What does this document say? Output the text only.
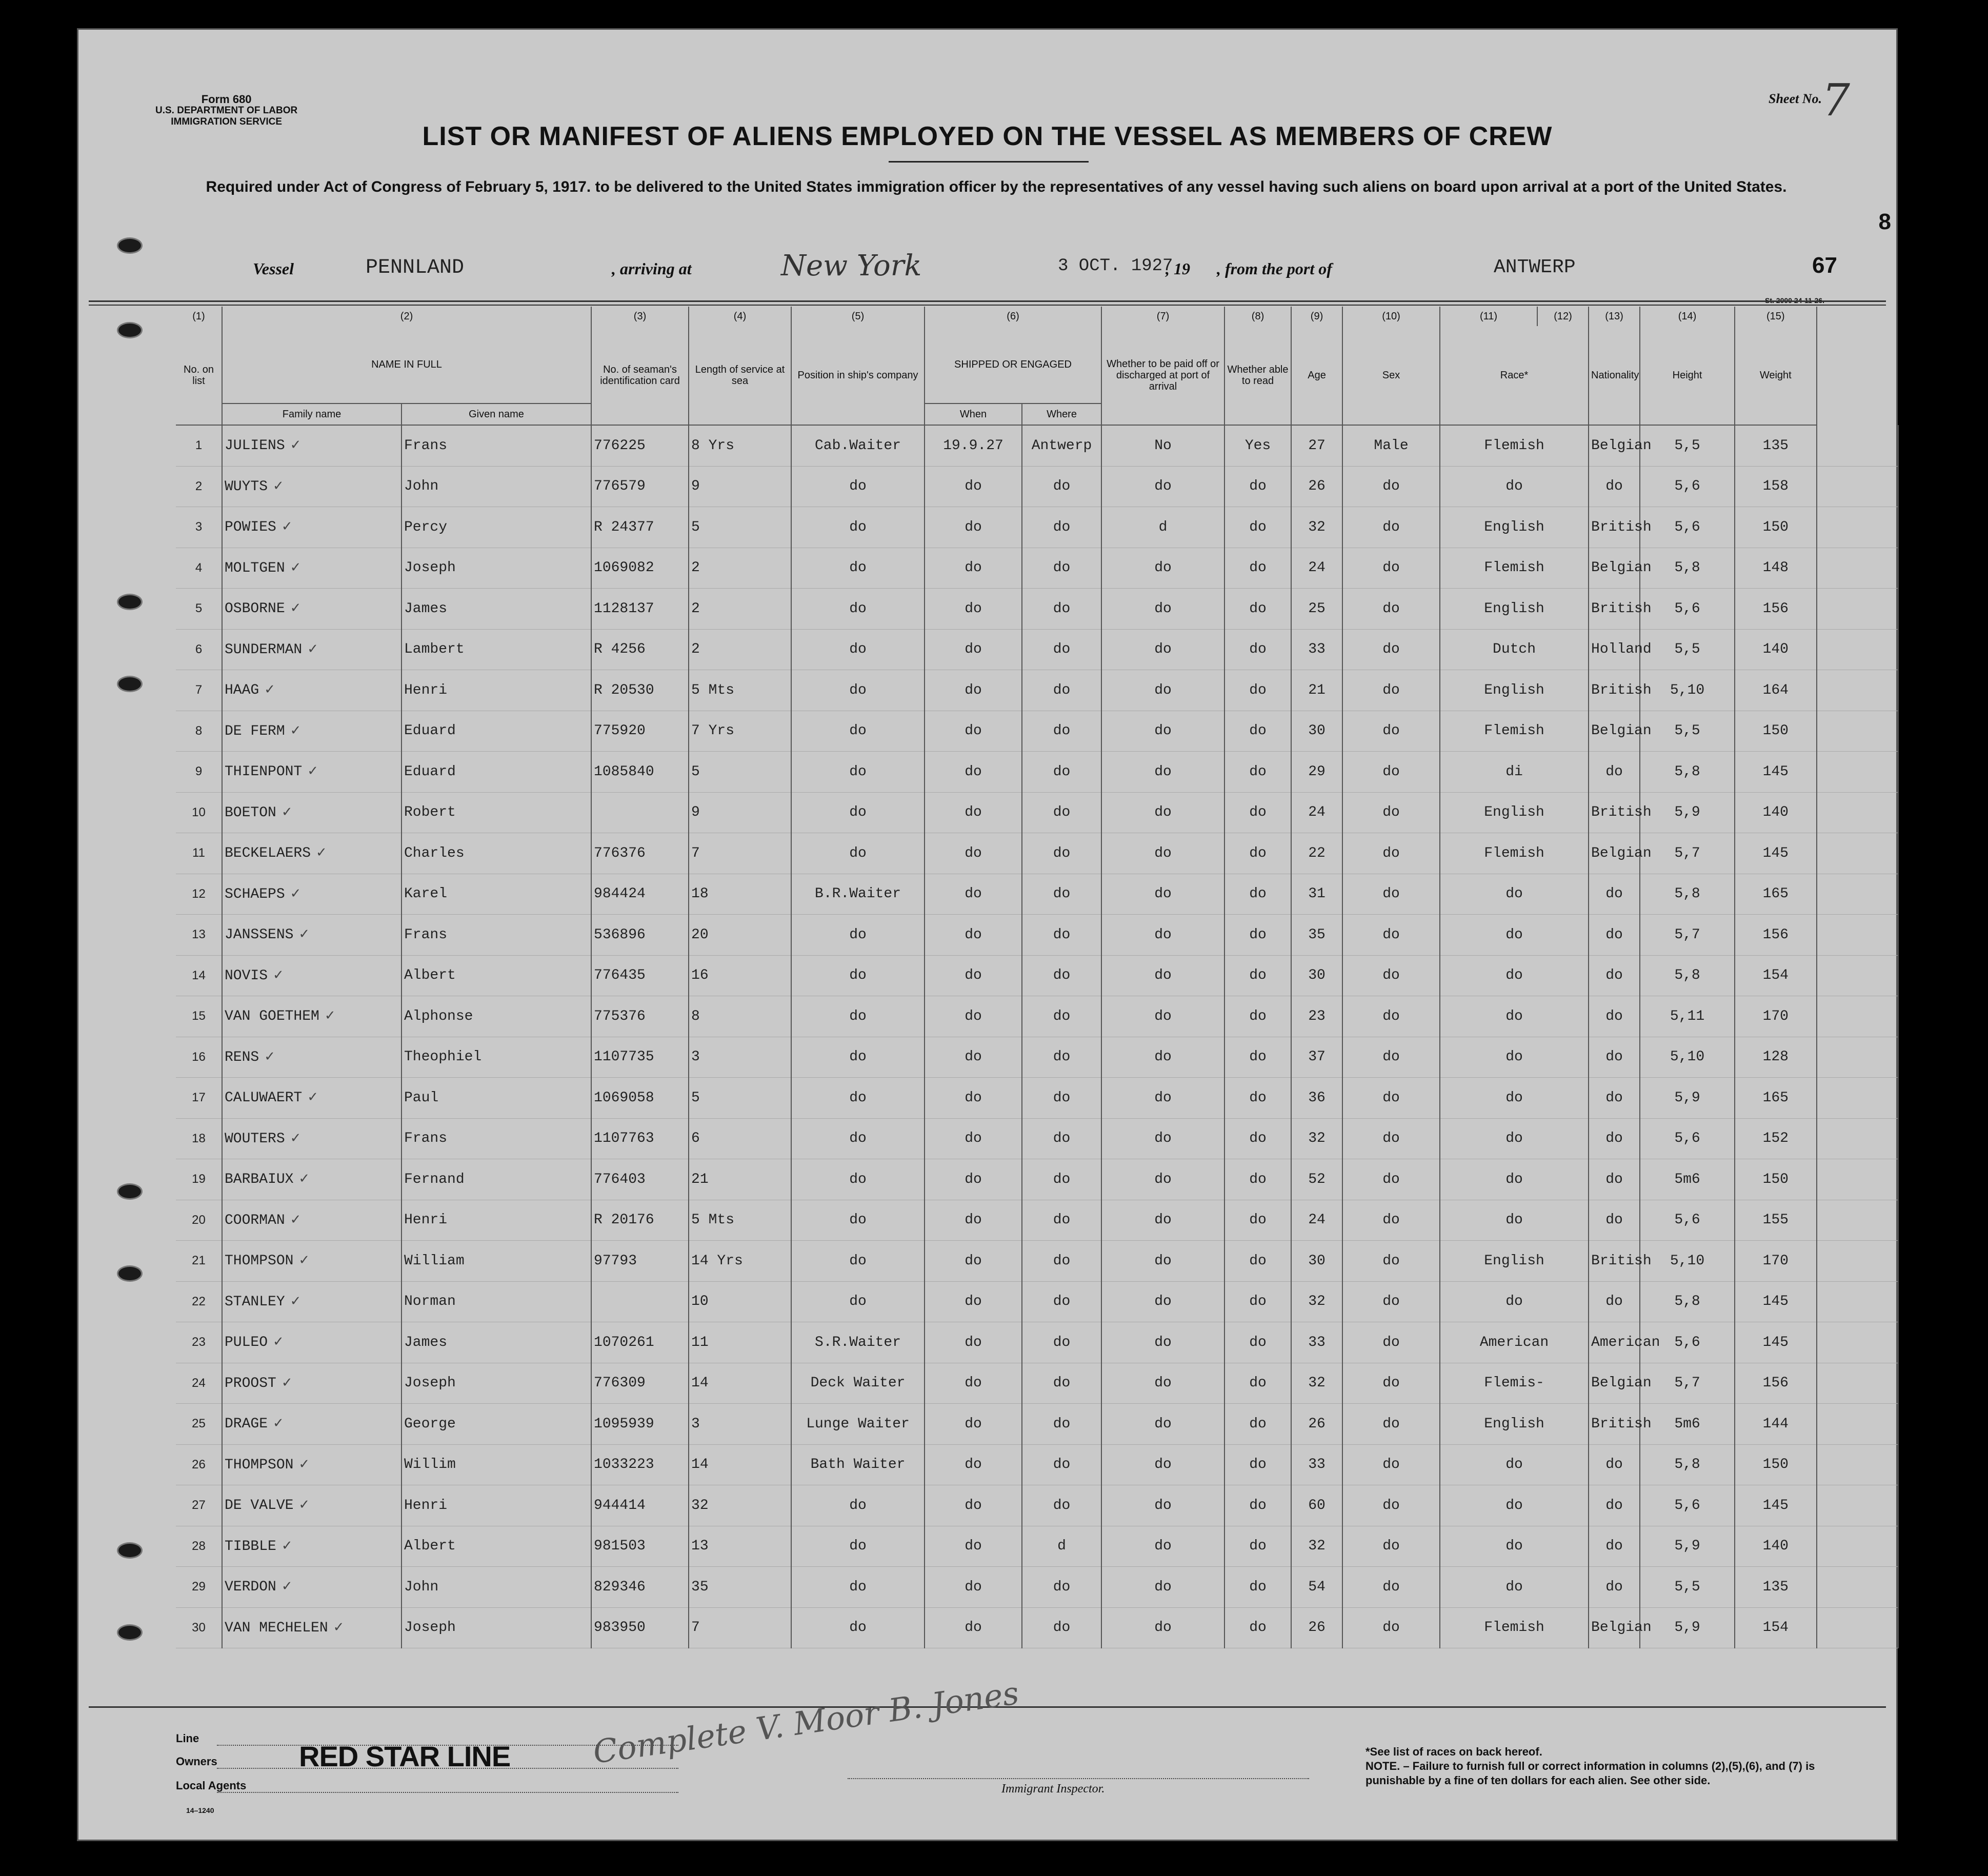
Form 680
U.S. DEPARTMENT OF LABOR
IMMIGRATION SERVICE
Sheet No. 7
LIST OR MANIFEST OF ALIENS EMPLOYED ON THE VESSEL AS MEMBERS OF CREW
Required under Act of Congress of February 5, 1917. to be delivered to the United States immigration officer by the representatives of any vessel having such aliens on board upon arrival at a port of the United States.
8
Vessel	PENNLAND	, arriving at	New York	3 OCT. 1927
, 19 , from the port of	ANTWERP	67
St. 2000 24-11-26.
(1)	(2)		(3)	(4)	(5)	(6)		(7)	(8)	(9)	(10)	(11)	(12)	(13)	(14)	(15)	
No. on list	NAME IN FULL		No. of seaman's identification card	Length of service at sea	Position in ship's company	SHIPPED OR ENGAGED		Whether to be paid off or discharged at port of arrival	Whether able to read	Age	Sex	Race*		Nationality	Height	Weight	
	Family name	Given name				When	Where										
1	JULIENS ✓	Frans	776225	8 Yrs	Cab.Waiter	19.9.27	Antwerp	No	Yes	27	Male	Flemish		Belgian	5,5	135	
2	WUYTS ✓	John	776579	9	do	do	do	do	do	26	do	do		do	5,6	158	
3	POWIES ✓	Percy	R 24377	5	do	do	do	d	do	32	do	English		British	5,6	150	
4	MOLTGEN ✓	Joseph	1069082	2	do	do	do	do	do	24	do	Flemish		Belgian	5,8	148	
5	OSBORNE ✓	James	1128137	2	do	do	do	do	do	25	do	English		British	5,6	156	
6	SUNDERMAN ✓	Lambert	R 4256	2	do	do	do	do	do	33	do	Dutch		Holland	5,5	140	
7	HAAG ✓	Henri	R 20530	5 Mts	do	do	do	do	do	21	do	English		British	5,10	164	
8	DE FERM ✓	Eduard	775920	7 Yrs	do	do	do	do	do	30	do	Flemish		Belgian	5,5	150	
9	THIENPONT ✓	Eduard	1085840	5	do	do	do	do	do	29	do	di		do	5,8	145	
10	BOETON ✓	Robert		9	do	do	do	do	do	24	do	English		British	5,9	140	
11	BECKELAERS ✓	Charles	776376	7	do	do	do	do	do	22	do	Flemish		Belgian	5,7	145	
12	SCHAEPS ✓	Karel	984424	18	B.R.Waiter	do	do	do	do	31	do	do		do	5,8	165	
13	JANSSENS ✓	Frans	536896	20	do	do	do	do	do	35	do	do		do	5,7	156	
14	NOVIS ✓	Albert	776435	16	do	do	do	do	do	30	do	do		do	5,8	154	
15	VAN GOETHEM ✓	Alphonse	775376	8	do	do	do	do	do	23	do	do		do	5,11	170	
16	RENS ✓	Theophiel	1107735	3	do	do	do	do	do	37	do	do		do	5,10	128	
17	CALUWAERT ✓	Paul	1069058	5	do	do	do	do	do	36	do	do		do	5,9	165	
18	WOUTERS ✓	Frans	1107763	6	do	do	do	do	do	32	do	do		do	5,6	152	
19	BARBAIUX ✓	Fernand	776403	21	do	do	do	do	do	52	do	do		do	5m6	150	
20	COORMAN ✓	Henri	R 20176	5 Mts	do	do	do	do	do	24	do	do		do	5,6	155	
21	THOMPSON ✓	William	97793	14 Yrs	do	do	do	do	do	30	do	English		British	5,10	170	
22	STANLEY ✓	Norman		10	do	do	do	do	do	32	do	do		do	5,8	145	
23	PULEO ✓	James	1070261	11	S.R.Waiter	do	do	do	do	33	do	American		American	5,6	145	
24	PROOST ✓	Joseph	776309	14	Deck Waiter	do	do	do	do	32	do	Flemis-		Belgian	5,7	156	
25	DRAGE ✓	George	1095939	3	Lunge Waiter	do	do	do	do	26	do	English		British	5m6	144	
26	THOMPSON ✓	Willim	1033223	14	Bath Waiter	do	do	do	do	33	do	do		do	5,8	150	
27	DE VALVE ✓	Henri	944414	32	do	do	do	do	do	60	do	do		do	5,6	145	
28	TIBBLE ✓	Albert	981503	13	do	do	d	do	do	32	do	do		do	5,9	140	
29	VERDON ✓	John	829346	35	do	do	do	do	do	54	do	do		do	5,5	135	
30	VAN MECHELEN ✓	Joseph	983950	7	do	do	do	do	do	26	do	Flemish		Belgian	5,9	154	
Line
Owners
Local Agents
RED STAR LINE
14–1240
Complete V. Moor B. Jones
Immigrant Inspector.
*See list of races on back hereof.
NOTE. – Failure to furnish full or correct information in columns (2),(5),(6), and (7) is punishable by a fine of ten dollars for each alien. See other side.
